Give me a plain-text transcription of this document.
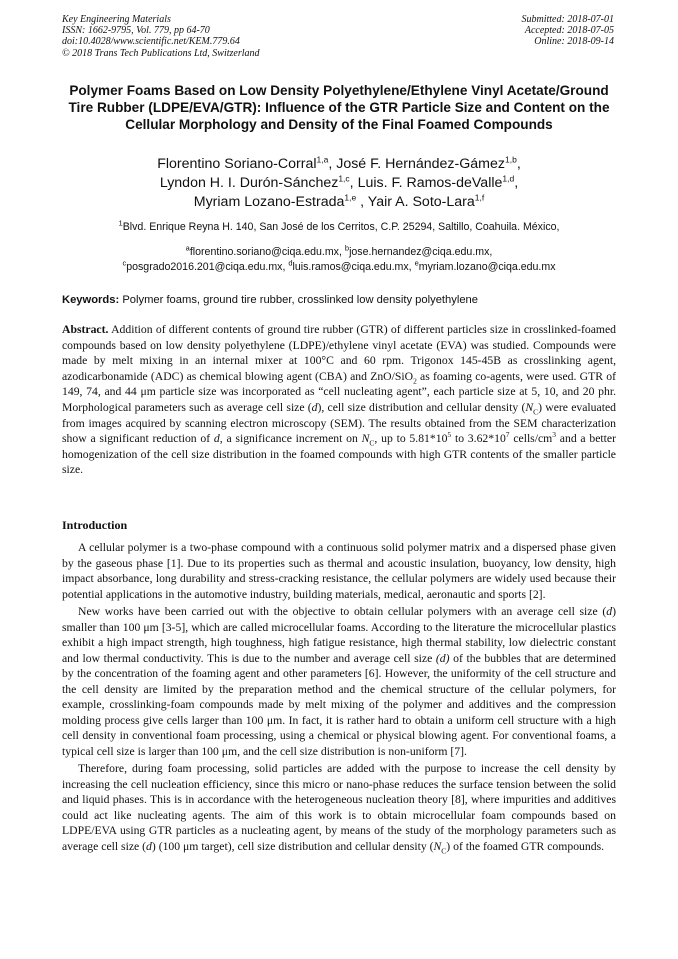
Key Engineering Materials
ISSN: 1662-9795, Vol. 779, pp 64-70
doi:10.4028/www.scientific.net/KEM.779.64
© 2018 Trans Tech Publications Ltd, Switzerland
Submitted: 2018-07-01
Accepted: 2018-07-05
Online: 2018-09-14
Polymer Foams Based on Low Density Polyethylene/Ethylene Vinyl Acetate/Ground Tire Rubber (LDPE/EVA/GTR): Influence of the GTR Particle Size and Content on the Cellular Morphology and Density of the Final Foamed Compounds
Florentino Soriano-Corral$^{1,a}$, José F. Hernández-Gámez$^{1,b}$,
Lyndon H. I. Durón-Sánchez$^{1,c}$, Luis. F. Ramos-deValle$^{1,d}$,
Myriam Lozano-Estrada$^{1,e}$ , Yair A. Soto-Lara$^{1,f}$
$^1$Blvd. Enrique Reyna H. 140, San José de los Cerritos, C.P. 25294, Saltillo, Coahuila. México,
$^a$florentino.soriano@ciqa.edu.mx, $^b$jose.hernandez@ciqa.edu.mx,
$^c$posgrado2016.201@ciqa.edu.mx, $^d$luis.ramos@ciqa.edu.mx, $^e$myriam.lozano@ciqa.edu.mx
Keywords: Polymer foams, ground tire rubber, crosslinked low density polyethylene
Abstract. Addition of different contents of ground tire rubber (GTR) of different particles size in crosslinked-foamed compounds based on low density polyethylene (LDPE)/ethylene vinyl acetate (EVA) was studied. Compounds were made by melt mixing in an internal mixer at 100°C and 60 rpm. Trigonox 145-45B as crosslinking agent, azodicarbonamide (ADC) as chemical blowing agent (CBA) and ZnO/SiO$_2$ as foaming co-agents, were used. GTR of 149, 74, and 44 μm particle size was incorporated as “cell nucleating agent”, each particle size at 5, 10, and 20 phr. Morphological parameters such as average cell size (d), cell size distribution and cellular density $(N_C)$ were evaluated from images acquired by scanning electron microscopy (SEM). The results obtained from the SEM characterization show a significant reduction of d, a significance increment on $N_C$, up to $5.81*10^5$ to $3.62*10^7$ cells/$cm^3$ and a better homogenization of the cell size distribution in the foamed compounds with high GTR contents of the smaller particle size.
Introduction

A cellular polymer is a two-phase compound with a continuous solid polymer matrix and a dispersed phase given by the gaseous phase [1]. Due to its properties such as thermal and acoustic insulation, buoyancy, low density, high impact absorbance, long durability and stress-cracking resistance, the cellular polymers are widely used because their potential applications in the automotive industry, building materials, medical, aeronautic and sports [2].

New works have been carried out with the objective to obtain cellular polymers with an average cell size (d) smaller than 100 μm [3-5], which are called microcellular foams. According to the literature the microcellular plastics exhibit a high impact strength, high toughness, high fatigue resistance, high thermal stability, low dielectric constant and low thermal conductivity. This is due to the number and average cell size (d) of the bubbles that are determined by the concentration of the foaming agent and other parameters [6]. However, the uniformity of the cell structure and the cell density are limited by the preparation method and the chemical structure of the cellular polymers, for example, crosslinking-foam compounds made by melt mixing of the polymer and additives and the compression molding process give cells larger than 100 μm. In fact, it is rather hard to obtain a uniform cell structure with a high cell density in conventional foam processing, using a chemical or physical blowing agent. For conventional foams, a typical cell size is larger than 100 μm, and the cell size distribution is non-uniform [7].

Therefore, during foam processing, solid particles are added with the purpose to increase the cell density by increasing the cell nucleation efficiency, since this micro or nano-phase reduces the surface tension between the solid and liquid phases. This is in accordance with the heterogeneous nucleation theory [8], where impurities and additives could act like nucleating agents. The aim of this work is to obtain microcellular foam compounds based on LDPE/EVA using GTR particles as a nucleating agent, by means of the study of the morphology parameters such as average cell size (d) (100 μm target), cell size distribution and cellular density $(N_C)$ of the foamed GTR compounds.
